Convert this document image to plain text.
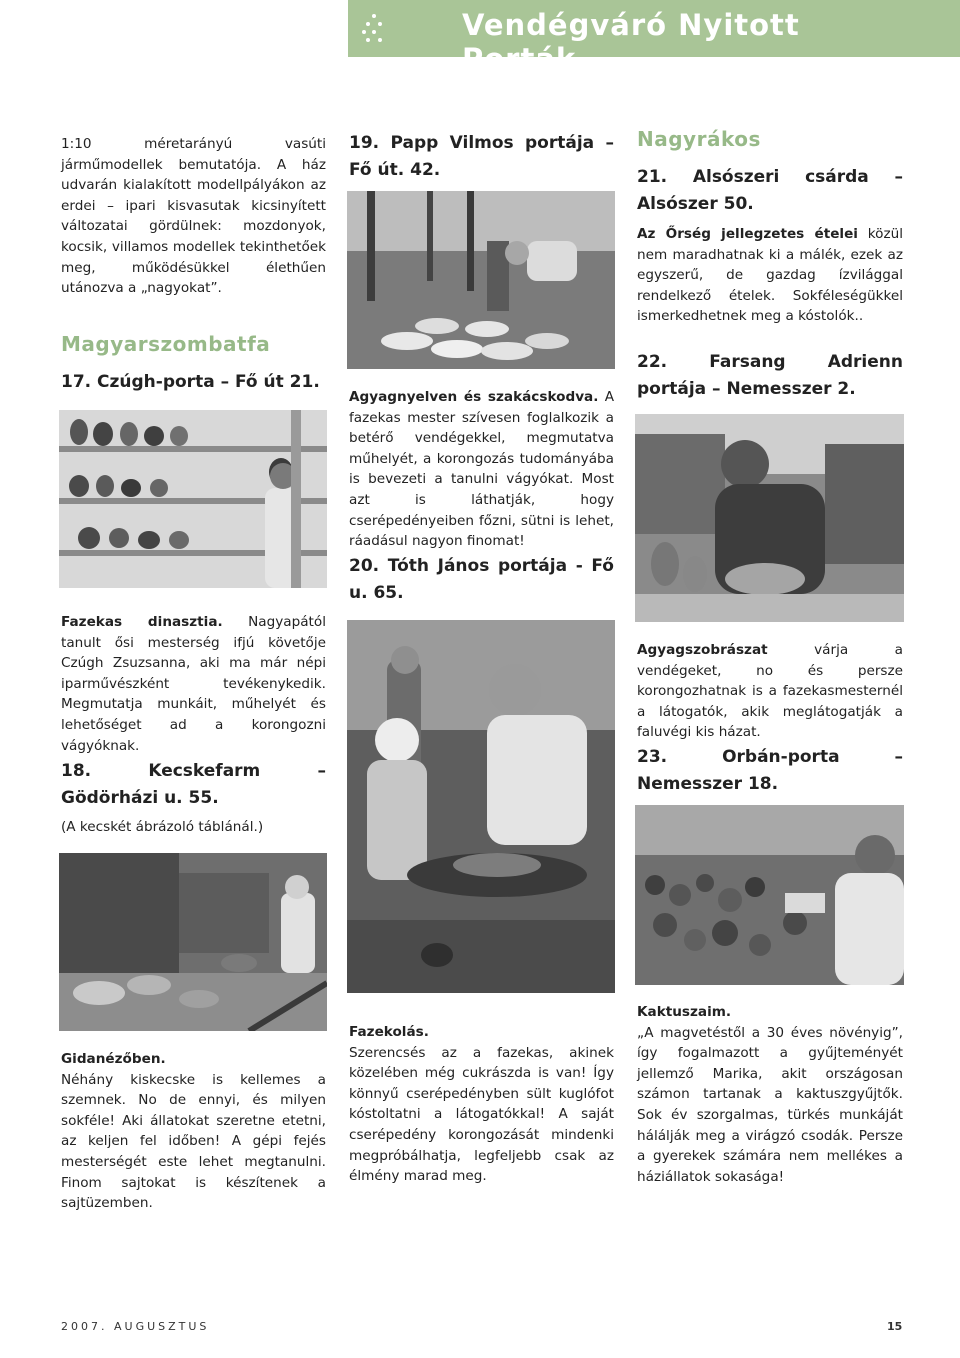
Vendégváró Nyitott Porták

1:10 méretarányú vasúti járműmodellek bemutatója. A ház udvarán kialakított modellpályákon az erdei – ipari kisvasutak kicsinyített változatai gördülnek: mozdonyok, kocsik, villamos modellek tekinthetőek meg, működésükkel élethűen utánozva a „nagyokat”.

Magyarszombatfa
17. Czúgh-porta – Fő út 21.

Fazekas dinasztia. Nagyapától tanult ősi mesterség ifjú követője Czúgh Zsuzsanna, aki ma már népi iparművészként tevékenykedik. Megmutatja munkáit, műhelyét és lehetőséget ad a korongozni vágyóknak.

18. Kecskefarm – Gödörházi u. 55.
(A kecskét ábrázoló táblánál.)

Gidanézőben.

Néhány kiskecske is kellemes a szemnek. No de ennyi, és milyen sokféle! Aki állatokat szeretne etetni, az keljen fel időben! A gépi fejés mesterségét este lehet megtanulni. Finom sajtokat is készítenek a sajtüzemben.

19. Papp Vilmos portája – Fő út. 42.

Agyagnyelven és szakácskodva. A fazekas mester szívesen foglalkozik a betérő vendégekkel, megmutatva műhelyét, a korongozás tudományába is bevezeti a tanulni vágyókat. Most azt is láthatják, hogy cserépedényeiben főzni, sütni is lehet, ráadásul nagyon finomat!

20. Tóth János portája - Fő u. 65.

Fazekolás.

Szerencsés az a fazekas, akinek közelében még cukrászda is van! Így könnyű cserépedényben sült kuglófot kóstoltatni a látogatókkal! A saját cserépedény korongozását mindenki megpróbálhatja, legfeljebb csak az élmény marad meg.

Nagyrákos
21. Alsószeri csárda – Alsószer 50.

Az Őrség jellegzetes ételei közül nem maradhatnak ki a málék, ezek az egyszerű, de gazdag ízvilággal rendelkező ételek. Sokféleségükkel ismerkedhetnek meg a kóstolók..

22. Farsang Adrienn portája – Nemesszer 2.

Agyagszobrászat várja a vendégeket, no és persze korongozhatnak is a fazekasmesternél a látogatók, akik meglátogatják a faluvégi kis házat.

23. Orbán-porta – Nemesszer 18.

Kaktuszaim.

„A magvetéstől a 30 éves növényig”, így fogalmazott a gyűjteményét jellemző Marika, akit országosan számon tartanak a kaktuszgyűjtők. Sok év szorgalmas, türkés munkáját hálálják meg a virágzó csodák. Persze a gyerekek számára nem mellékes a háziállatok sokasága!

2007. AUGUSZTUS	15
